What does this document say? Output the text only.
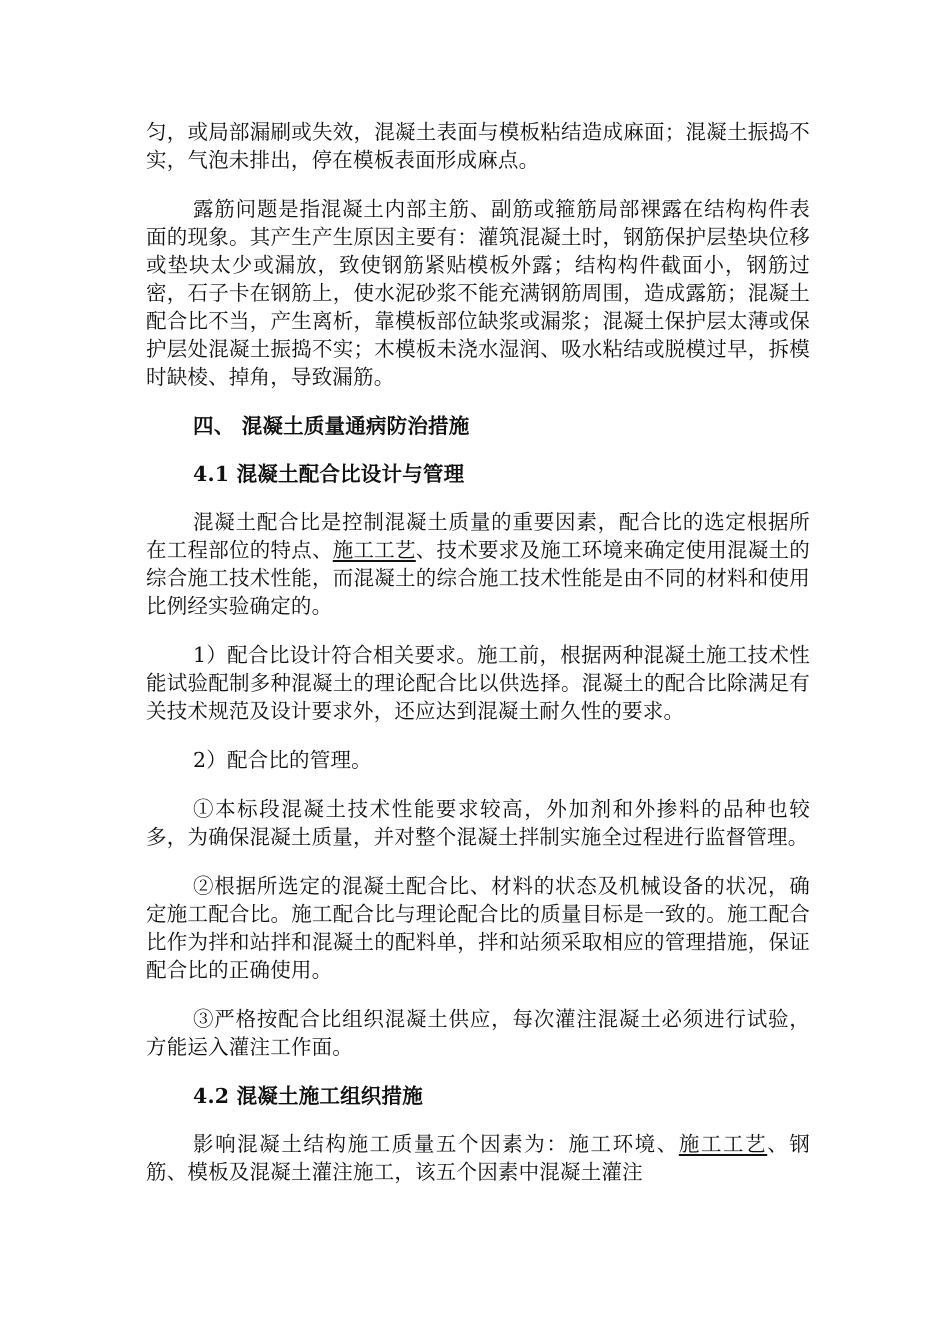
匀，或局部漏刷或失效，混凝土表面与模板粘结造成麻面；混凝土振捣不实，气泡未排出，停在模板表面形成麻点。

露筋问题是指混凝土内部主筋、副筋或箍筋局部裸露在结构构件表面的现象。其产生产生原因主要有：灌筑混凝土时，钢筋保护层垫块位移或垫块太少或漏放，致使钢筋紧贴模板外露；结构构件截面小，钢筋过密，石子卡在钢筋上，使水泥砂浆不能充满钢筋周围，造成露筋；混凝土配合比不当，产生离析，靠模板部位缺浆或漏浆；混凝土保护层太薄或保护层处混凝土振捣不实；木模板未浇水湿润、吸水粘结或脱模过早，拆模时缺棱、掉角，导致漏筋。

四、 混凝土质量通病防治措施

4.1 混凝土配合比设计与管理

混凝土配合比是控制混凝土质量的重要因素，配合比的选定根据所在工程部位的特点、施工工艺、技术要求及施工环境来确定使用混凝土的综合施工技术性能，而混凝土的综合施工技术性能是由不同的材料和使用比例经实验确定的。

1）配合比设计符合相关要求。施工前，根据两种混凝土施工技术性能试验配制多种混凝土的理论配合比以供选择。混凝土的配合比除满足有关技术规范及设计要求外，还应达到混凝土耐久性的要求。

2）配合比的管理。

①本标段混凝土技术性能要求较高，外加剂和外掺料的品种也较多，为确保混凝土质量，并对整个混凝土拌制实施全过程进行监督管理。

②根据所选定的混凝土配合比、材料的状态及机械设备的状况，确定施工配合比。施工配合比与理论配合比的质量目标是一致的。施工配合比作为拌和站拌和混凝土的配料单，拌和站须采取相应的管理措施，保证配合比的正确使用。

③严格按配合比组织混凝土供应，每次灌注混凝土必须进行试验，方能运入灌注工作面。

4.2 混凝土施工组织措施

影响混凝土结构施工质量五个因素为：施工环境、施工工艺、钢筋、模板及混凝土灌注施工，该五个因素中混凝土灌注
